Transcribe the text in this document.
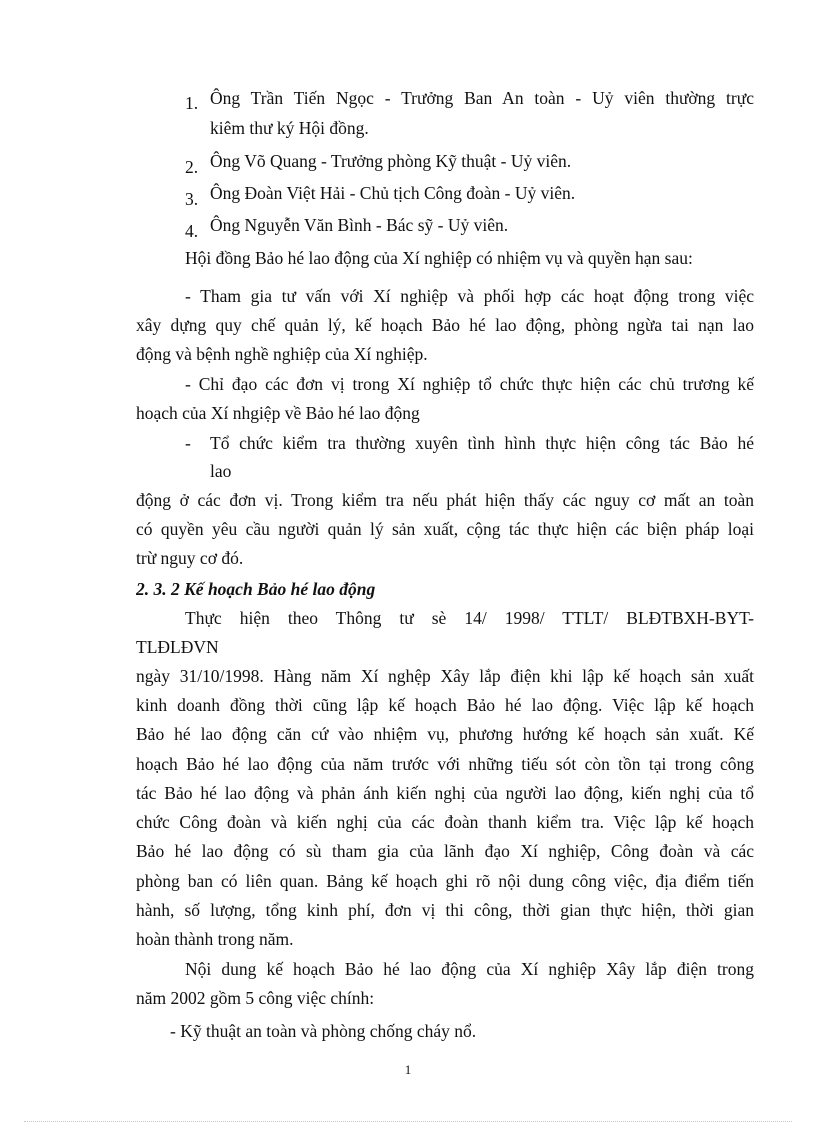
1. Ông Trần Tiến Ngọc - Trưởng Ban An toàn - Uỷ viên thường trực
kiêm thư ký Hội đồng.
2. Ông Võ Quang - Trưởng phòng Kỹ thuật - Uỷ viên.
3. Ông Đoàn Việt Hải - Chủ tịch Công đoàn - Uỷ viên.
4. Ông Nguyễn Văn Bình - Bác sỹ - Uỷ viên.
Hội đồng Bảo hé lao động của Xí nghiệp có nhiệm vụ và quyền hạn sau:
- Tham gia tư vấn với Xí nghiệp và phối hợp các hoạt động trong việc
xây dựng quy chế quản lý, kế hoạch Bảo hé lao động, phòng ngừa tai nạn lao
động và bệnh nghề nghiệp của Xí nghiệp.
- Chỉ đạo các đơn vị trong Xí nghiệp tổ chức thực hiện các chủ trương kế
hoạch của Xí nhgiệp về Bảo hé lao động
- Tổ chức kiểm tra thường xuyên tình hình thực hiện công tác Bảo hé
lao
động ở các đơn vị. Trong kiểm tra nếu phát hiện thấy các nguy cơ mất an toàn
có quyền yêu cầu người quản lý sản xuất, cộng tác thực hiện các biện pháp loại
trừ nguy cơ đó.
2. 3. 2 Kế hoạch Bảo hé lao động
Thực hiện theo Thông tư sè 14/ 1998/ TTLT/ BLĐTBXH-BYT-
TLĐLĐVN
ngày 31/10/1998. Hàng năm Xí nghệp Xây lắp điện khi lập kế hoạch sản xuất
kinh doanh đồng thời cũng lập kế hoạch Bảo hé lao động. Việc lập kế hoạch
Bảo hé lao động căn cứ vào nhiệm vụ, phương hướng kế hoạch sản xuất. Kế
hoạch Bảo hé lao động của năm trước với những tiếu sót còn tồn tại trong công
tác Bảo hé lao động và phản ánh kiến nghị của người lao động, kiến nghị của tổ
chức Công đoàn và kiến nghị của các đoàn thanh kiểm tra. Việc lập kế hoạch
Bảo hé lao động có sù tham gia của lãnh đạo Xí nghiệp, Công đoàn và các
phòng ban có liên quan. Bảng kế hoạch ghi rõ nội dung công việc, địa điểm tiến
hành, số lượng, tổng kinh phí, đơn vị thi công, thời gian thực hiện, thời gian
hoàn thành trong năm.
Nội dung kế hoạch Bảo hé lao động của Xí nghiệp Xây lắp điện trong
năm 2002 gồm 5 công việc chính:
- Kỹ thuật an toàn và phòng chống cháy nổ.
1
